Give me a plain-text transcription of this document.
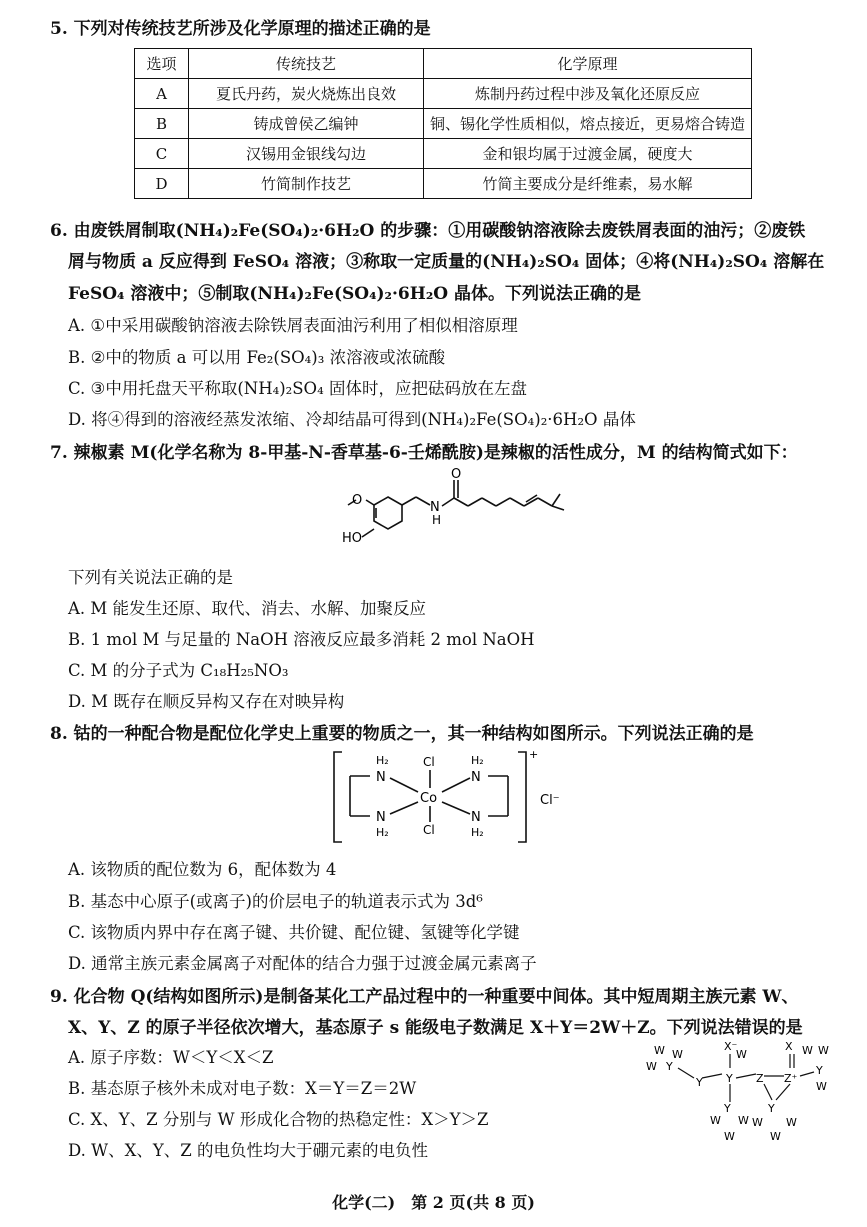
5. 下列对传统技艺所涉及化学原理的描述正确的是
选项	传统技艺	化学原理
A	夏氏丹药，炭火烧炼出良效	炼制丹药过程中涉及氧化还原反应
B	铸成曾侯乙编钟	铜、锡化学性质相似，熔点接近，更易熔合铸造
C	汉锡用金银线勾边	金和银均属于过渡金属，硬度大
D	竹简制作技艺	竹简主要成分是纤维素，易水解
6. 由废铁屑制取(NH₄)₂Fe(SO₄)₂·6H₂O 的步骤：①用碳酸钠溶液除去废铁屑表面的油污；②废铁
屑与物质 a 反应得到 FeSO₄ 溶液；③称取一定质量的(NH₄)₂SO₄ 固体；④将(NH₄)₂SO₄ 溶解在
FeSO₄ 溶液中；⑤制取(NH₄)₂Fe(SO₄)₂·6H₂O 晶体。下列说法正确的是
A. ①中采用碳酸钠溶液去除铁屑表面油污利用了相似相溶原理
B. ②中的物质 a 可以用 Fe₂(SO₄)₃ 浓溶液或浓硫酸
C. ③中用托盘天平称取(NH₄)₂SO₄ 固体时，应把砝码放在左盘
D. 将④得到的溶液经蒸发浓缩、冷却结晶可得到(NH₄)₂Fe(SO₄)₂·6H₂O 晶体
7. 辣椒素 M(化学名称为 8-甲基-N-香草基-6-壬烯酰胺)是辣椒的活性成分，M 的结构简式如下：
O
O
N
H
HO
下列有关说法正确的是
A. M 能发生还原、取代、消去、水解、加聚反应
B. 1 mol M 与足量的 NaOH 溶液反应最多消耗 2 mol NaOH
C. M 的分子式为 C₁₈H₂₅NO₃
D. M 既存在顺反异构又存在对映异构
8. 钴的一种配合物是配位化学史上重要的物质之一，其一种结构如图所示。下列说法正确的是
H₂
N
N
H₂
H₂
N
N
H₂
Cl
Co
Cl
+
Cl⁻
A. 该物质的配位数为 6，配体数为 4
B. 基态中心原子(或离子)的价层电子的轨道表示式为 3d⁶
C. 该物质内界中存在离子键、共价键、配位键、氢键等化学键
D. 通常主族元素金属离子对配体的结合力强于过渡金属元素离子
9. 化合物 Q(结构如图所示)是制备某化工产品过程中的一种重要中间体。其中短周期主族元素 W、
X、Y、Z 的原子半径依次增大，基态原子 s 能级电子数满足 X＋Y＝2W＋Z。下列说法错误的是
A. 原子序数：W＜Y＜X＜Z
B. 基态原子核外未成对电子数：X＝Y＝Z＝2W
C. X、Y、Z 分别与 W 形成化合物的热稳定性：X＞Y＞Z
D. W、X、Y、Z 的电负性均大于硼元素的电负性
W W
W Y
X⁻
Y Y
W
Z
X
Z⁺
Y
W W
W
Y
W W
W
Y
W W
W
化学(二)　第 2 页(共 8 页)
